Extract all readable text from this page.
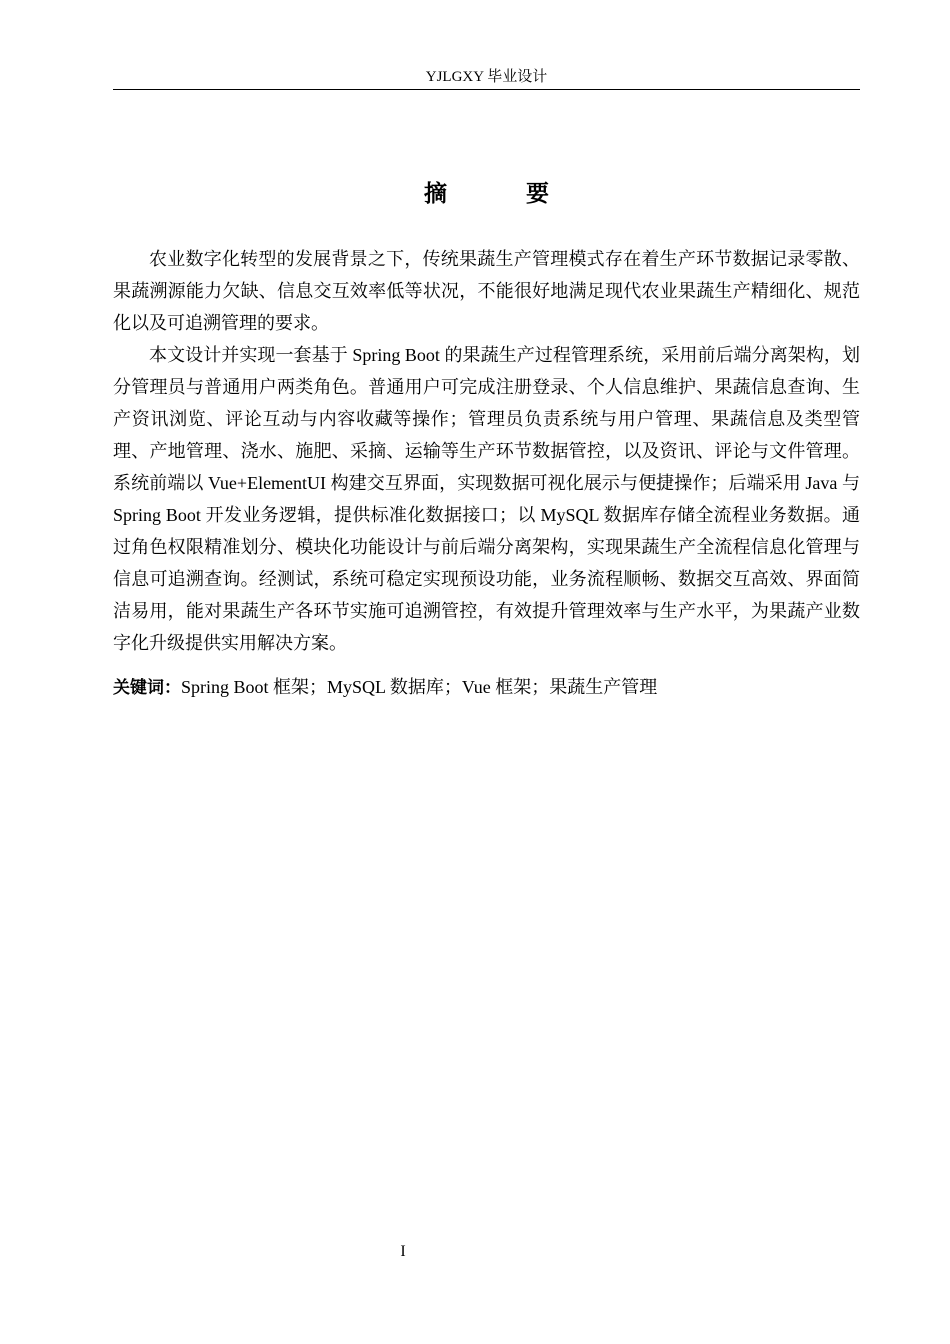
YJLGXY 毕业设计
摘　要

农业数字化转型的发展背景之下，传统果蔬生产管理模式存在着生产环节数据记录零散、果蔬溯源能力欠缺、信息交互效率低等状况，不能很好地满足现代农业果蔬生产精细化、规范化以及可追溯管理的要求。

本文设计并实现一套基于 Spring Boot 的果蔬生产过程管理系统，采用前后端分离架构，划分管理员与普通用户两类角色。普通用户可完成注册登录、个人信息维护、果蔬信息查询、生产资讯浏览、评论互动与内容收藏等操作；管理员负责系统与用户管理、果蔬信息及类型管理、产地管理、浇水、施肥、采摘、运输等生产环节数据管控，以及资讯、评论与文件管理。系统前端以 Vue+ElementUI 构建交互界面，实现数据可视化展示与便捷操作；后端采用 Java 与 Spring Boot 开发业务逻辑，提供标准化数据接口；以 MySQL 数据库存储全流程业务数据。通过角色权限精准划分、模块化功能设计与前后端分离架构，实现果蔬生产全流程信息化管理与信息可追溯查询。经测试，系统可稳定实现预设功能，业务流程顺畅、数据交互高效、界面简洁易用，能对果蔬生产各环节实施可追溯管控，有效提升管理效率与生产水平，为果蔬产业数字化升级提供实用解决方案。

关键词：Spring Boot 框架；MySQL 数据库；Vue 框架；果蔬生产管理

I
